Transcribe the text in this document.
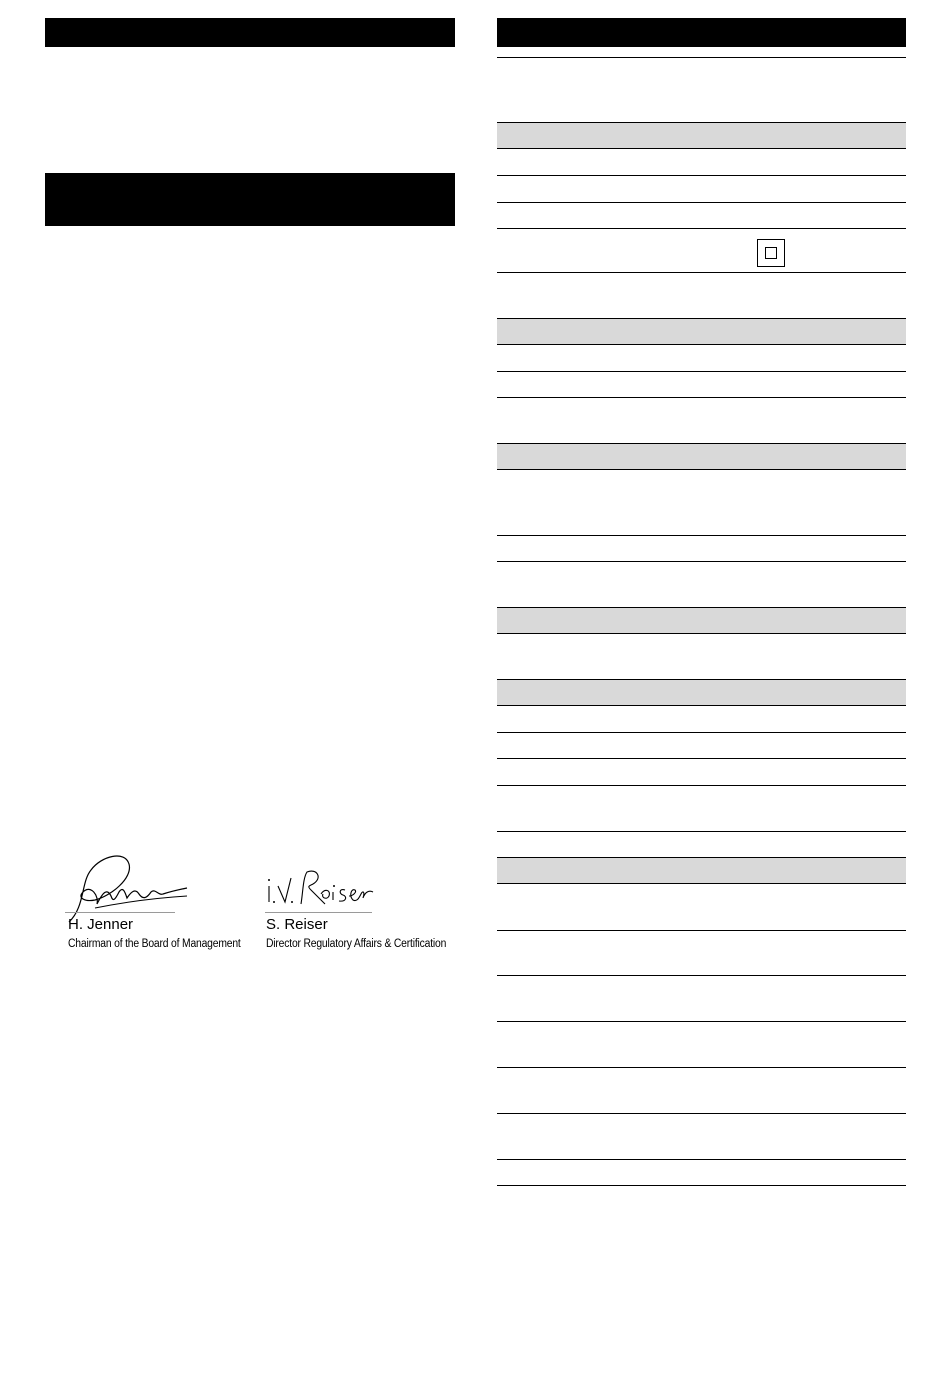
H. Jenner
Chairman of the Board of Management
S. Reiser
Director Regulatory Affairs & Certification
